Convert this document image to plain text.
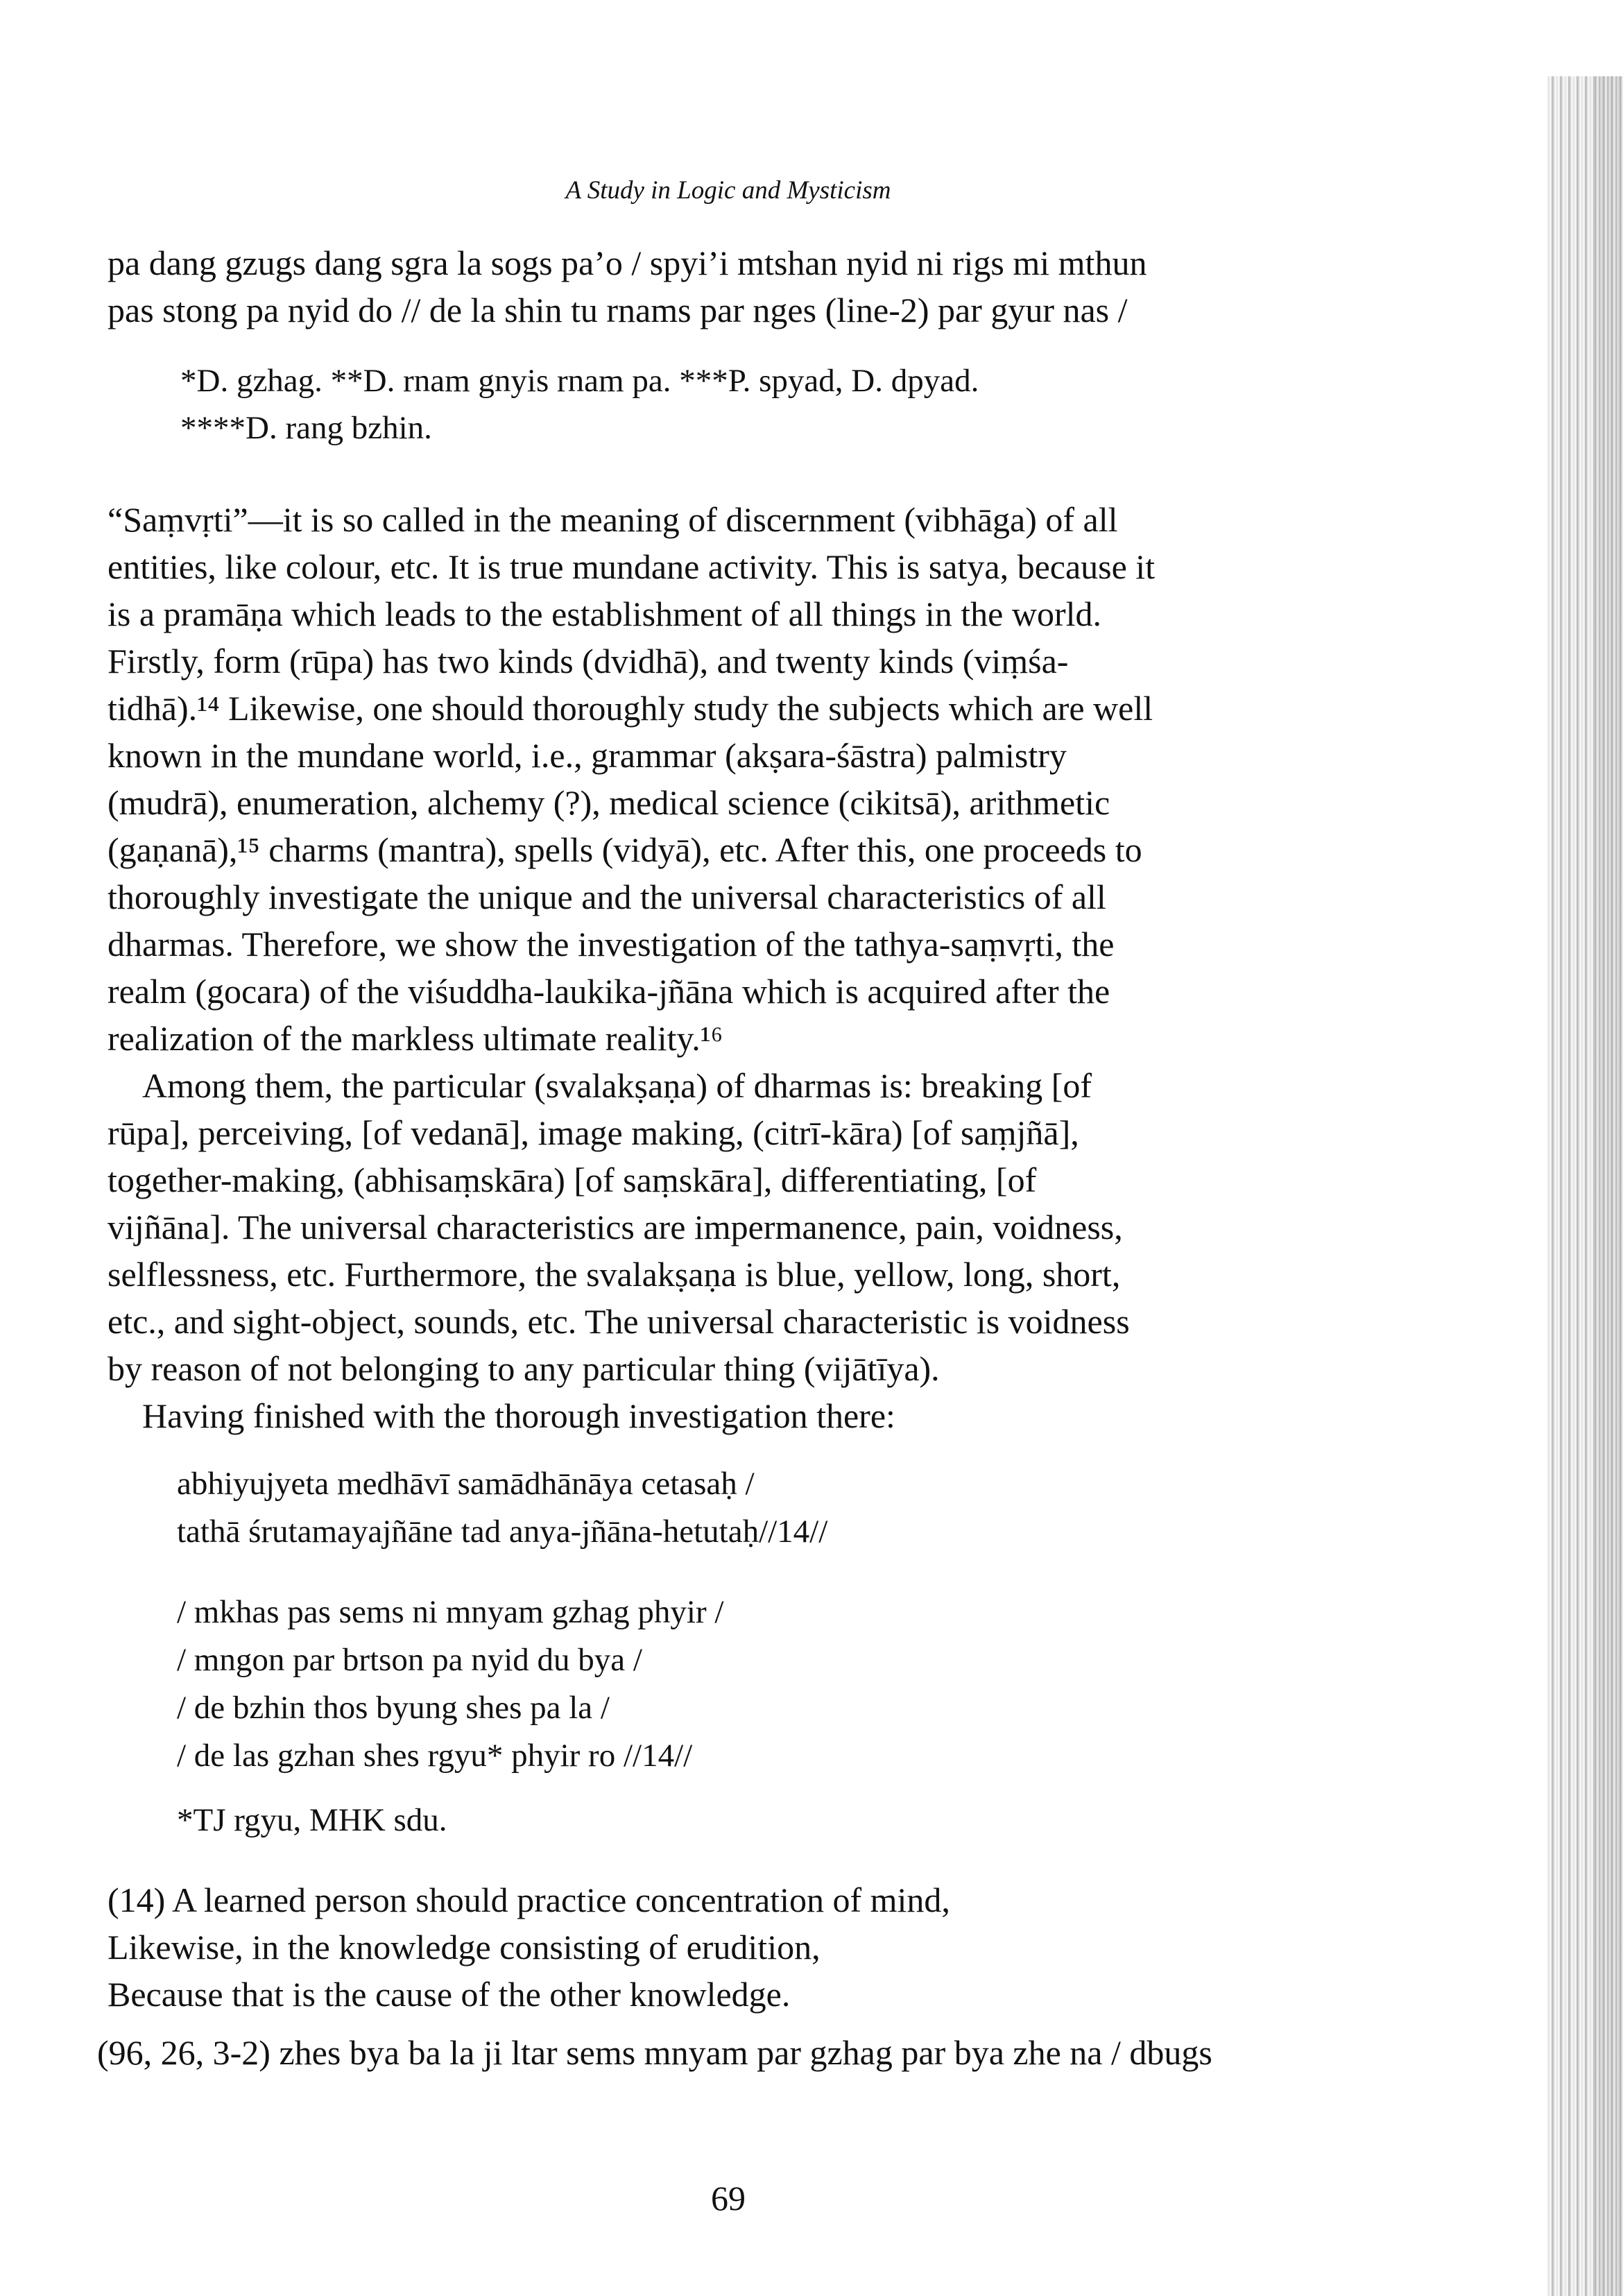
A Study in Logic and Mysticism

pa dang gzugs dang sgra la sogs pa’o / spyi’i mtshan nyid ni rigs mi mthun

pas stong pa nyid do // de la shin tu rnams par nges (line-2) par gyur nas /

*D. gzhag. **D. rnam gnyis rnam pa. ***P. spyad, D. dpyad.

****D. rang bzhin.

“Saṃvṛti”—it is so called in the meaning of discernment (vibhāga) of all

entities, like colour, etc. It is true mundane activity. This is satya, because it

is a pramāṇa which leads to the establishment of all things in the world.

Firstly, form (rūpa) has two kinds (dvidhā), and twenty kinds (viṃśa-

tidhā).¹⁴ Likewise, one should thoroughly study the subjects which are well

known in the mundane world, i.e., grammar (akṣara-śāstra) palmistry

(mudrā), enumeration, alchemy (?), medical science (cikitsā), arithmetic

(gaṇanā),¹⁵ charms (mantra), spells (vidyā), etc. After this, one proceeds to

thoroughly investigate the unique and the universal characteristics of all

dharmas. Therefore, we show the investigation of the tathya-saṃvṛti, the

realm (gocara) of the viśuddha-laukika-jñāna which is acquired after the

realization of the markless ultimate reality.¹⁶

Among them, the particular (svalakṣaṇa) of dharmas is: breaking [of

rūpa], perceiving, [of vedanā], image making, (citrī-kāra) [of saṃjñā],

together-making, (abhisaṃskāra) [of saṃskāra], differentiating, [of

vijñāna]. The universal characteristics are impermanence, pain, voidness,

selflessness, etc. Furthermore, the svalakṣaṇa is blue, yellow, long, short,

etc., and sight-object, sounds, etc. The universal characteristic is voidness

by reason of not belonging to any particular thing (vijātīya).

Having finished with the thorough investigation there:

abhiyujyeta medhāvī samādhānāya cetasaḥ /

tathā śrutamayajñāne tad anya-jñāna-hetutaḥ//14//

/ mkhas pas sems ni mnyam gzhag phyir /

/ mngon par brtson pa nyid du bya /

/ de bzhin thos byung shes pa la /

/ de las gzhan shes rgyu* phyir ro //14//

*TJ rgyu, MHK sdu.

(14) A learned person should practice concentration of mind,

Likewise, in the knowledge consisting of erudition,

Because that is the cause of the other knowledge.

(96, 26, 3-2) zhes bya ba la ji ltar sems mnyam par gzhag par bya zhe na / dbugs

69
